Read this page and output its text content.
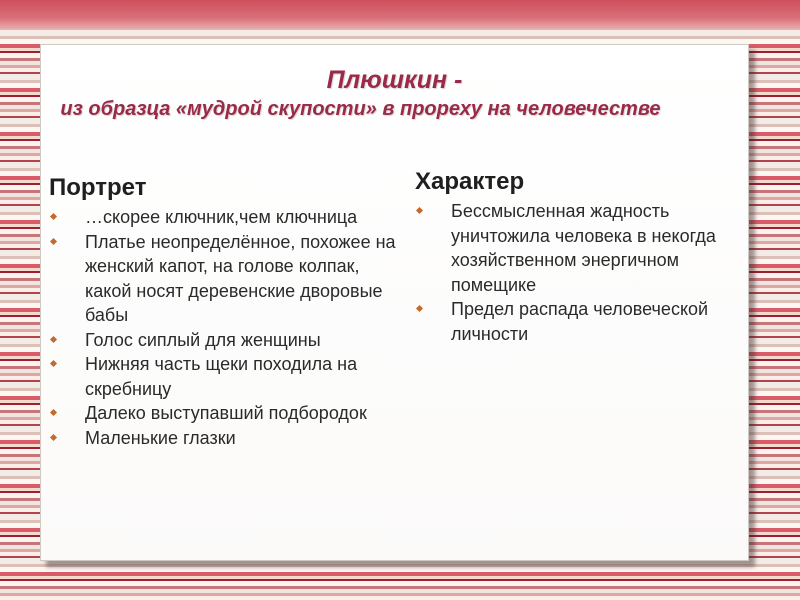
Плюшкин -
из образца «мудрой скупости» в прореху на человечестве
Портрет
…скорее ключник,чем ключница
Платье неопределённое, похожее на женский капот, на голове колпак, какой носят деревенские дворовые бабы
Голос сиплый для женщины
Нижняя часть щеки походила на скребницу
Далеко выступавший подбородок
Маленькие глазки
Характер
Бессмысленная жадность уничтожила человека в некогда хозяйственном энергичном помещике
Предел распада человеческой личности
